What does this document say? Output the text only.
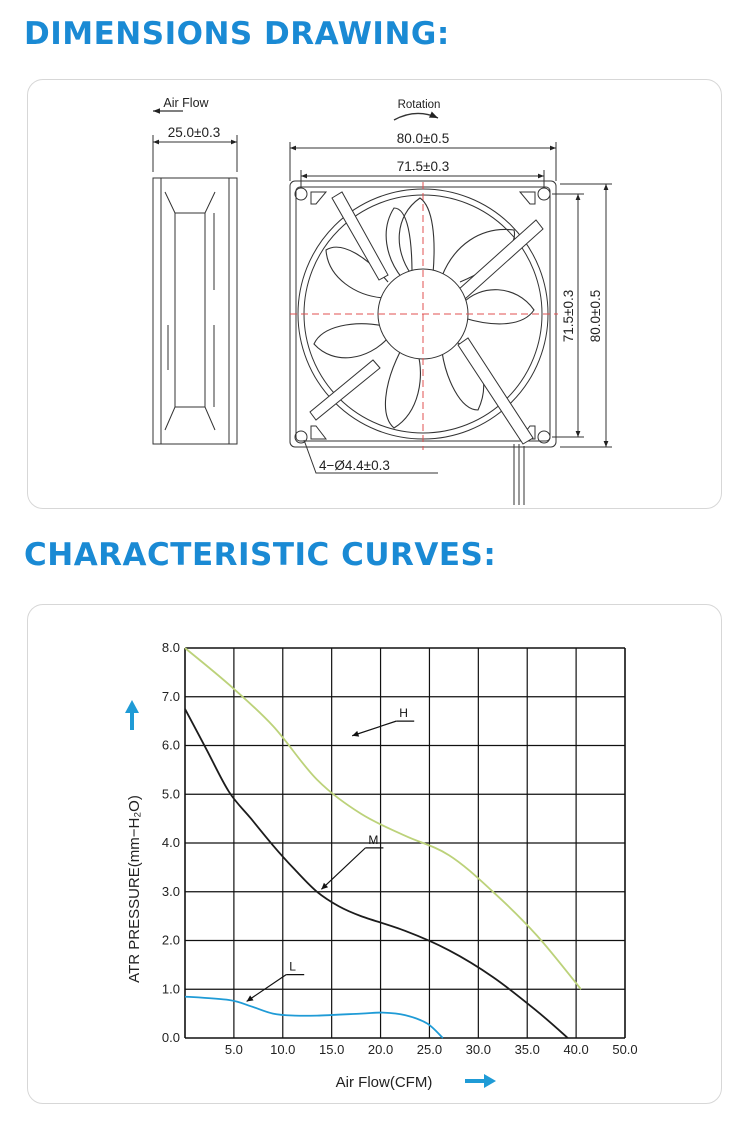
DIMENSIONS DRAWING:
Air Flow
25.0±0.3
Rotation
80.0±0.5
71.5±0.3
71.5±0.3 80.0±0.5
4−Ø4.4±0.3
CHARACTERISTIC CURVES:
5.0 10.0 15.0 20.0 25.0 30.0 35.0 40.0 50.0
0.0
1.0
2.0
3.0
4.0
5.0
6.0
7.0
8.0
H
M
L
Air Flow(CFM)
ATR PRESSURE(mm−H₂O)
